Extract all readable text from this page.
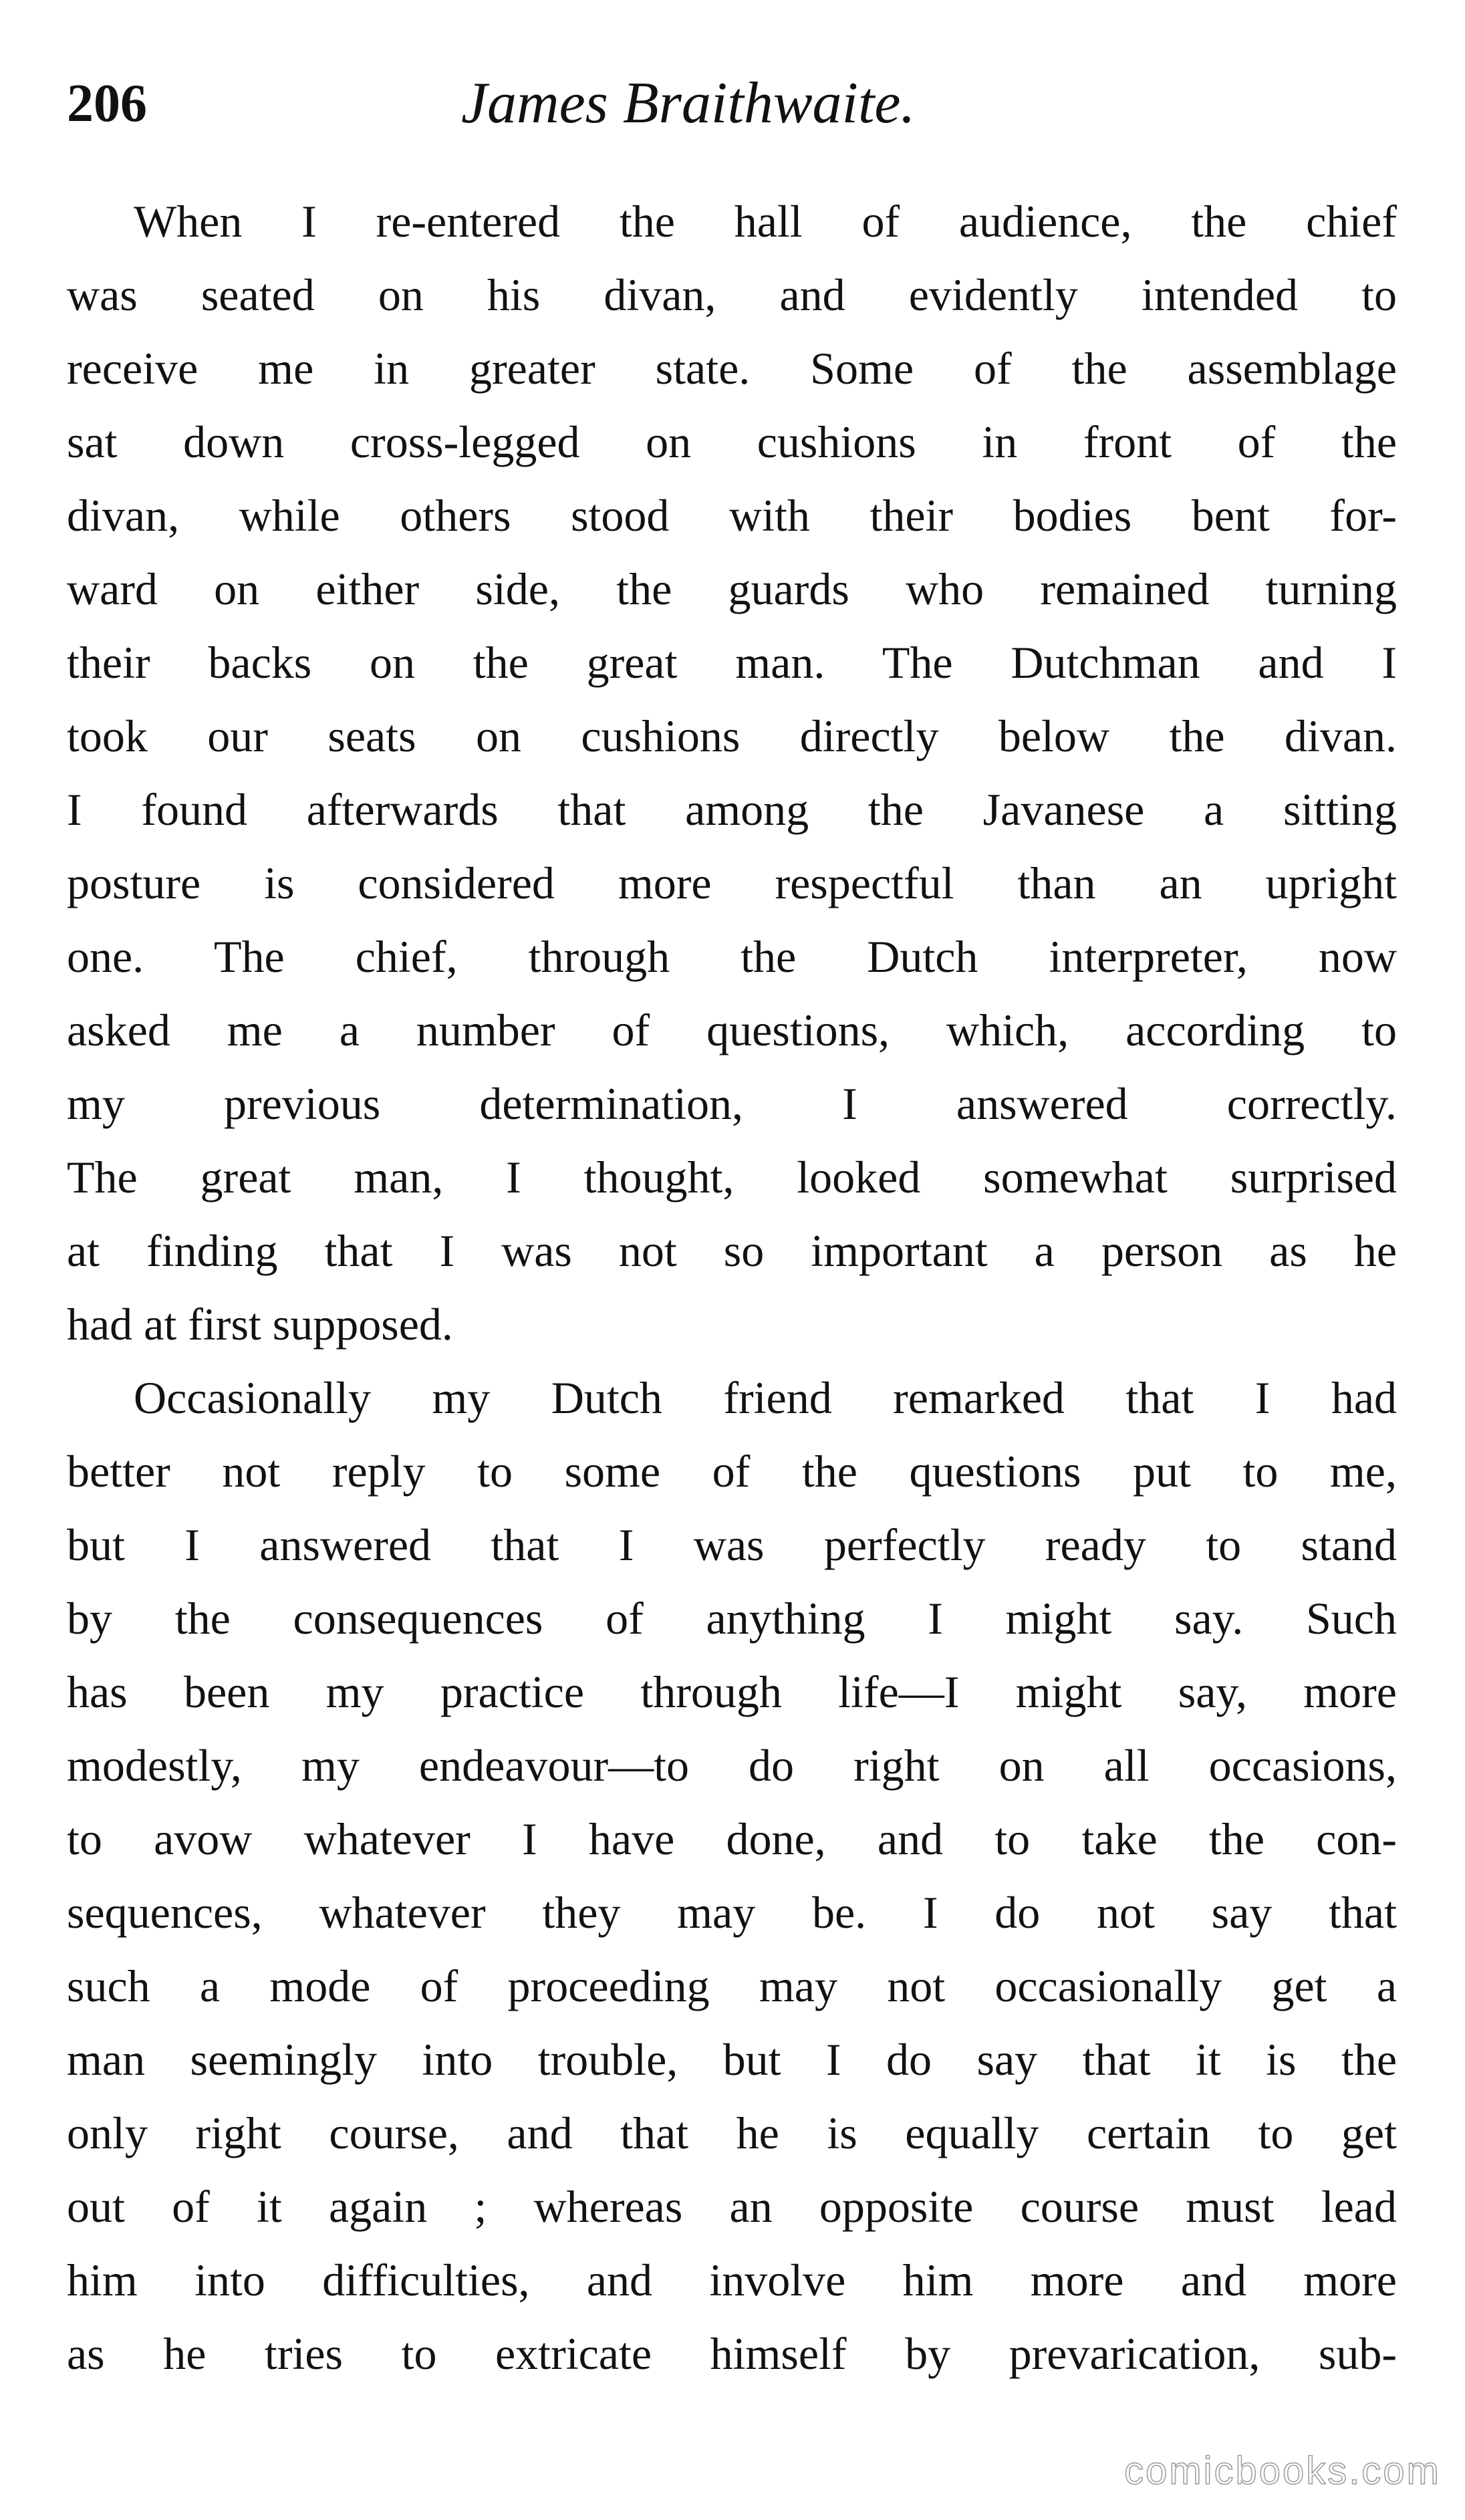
206	James Braithwaite.
When I re-entered the hall of audience, the chief
was seated on his divan, and evidently intended to
receive me in greater state. Some of the assemblage
sat down cross-legged on cushions in front of the
divan, while others stood with their bodies bent for-
ward on either side, the guards who remained turning
their backs on the great man. The Dutchman and I
took our seats on cushions directly below the divan.
I found afterwards that among the Javanese a sitting
posture is considered more respectful than an upright
one. The chief, through the Dutch interpreter, now
asked me a number of questions, which, according to
my previous determination, I answered correctly.
The great man, I thought, looked somewhat surprised
at finding that I was not so important a person as he
had at first supposed.
Occasionally my Dutch friend remarked that I had
better not reply to some of the questions put to me,
but I answered that I was perfectly ready to stand
by the consequences of anything I might say. Such
has been my practice through life—I might say, more
modestly, my endeavour—to do right on all occasions,
to avow whatever I have done, and to take the con-
sequences, whatever they may be. I do not say that
such a mode of proceeding may not occasionally get a
man seemingly into trouble, but I do say that it is the
only right course, and that he is equally certain to get
out of it again ; whereas an opposite course must lead
him into difficulties, and involve him more and more
as he tries to extricate himself by prevarication, sub-
comicbooks.com
